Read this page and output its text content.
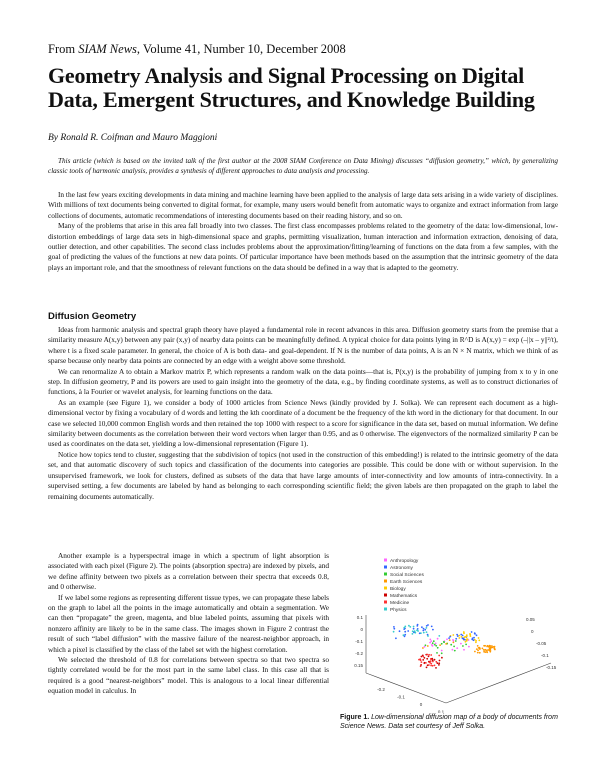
From SIAM News, Volume 41, Number 10, December 2008
Geometry Analysis and Signal Processing on Digital Data, Emergent Structures, and Knowledge Building
By Ronald R. Coifman and Mauro Maggioni

This article (which is based on the invited talk of the first author at the 2008 SIAM Conference on Data Mining) discusses “diffusion geometry,” which, by generalizing classic tools of harmonic analysis, provides a synthesis of different approaches to data analysis and processing.

In the last few years exciting developments in data mining and machine learning have been applied to the analysis of large data sets arising in a wide variety of disciplines. With millions of text documents being converted to digital format, for example, many users would benefit from automatic ways to organize and extract information from large collections of documents, automatic recommendations of interesting documents based on their reading history, and so on.

Many of the problems that arise in this area fall broadly into two classes. The first class encompasses problems related to the geometry of the data: low-dimensional, low-distortion embeddings of large data sets in high-dimensional space and graphs, permitting visualization, human interaction and information extraction, denoising of data, outlier detection, and other capabilities. The second class includes problems about the approximation/fitting/learning of functions on the data from a few samples, with the goal of predicting the values of the functions at new data points. Of particular importance have been methods based on the assumption that the intrinsic geometry of the data plays an important role, and that the smoothness of relevant functions on the data should be defined in a way that is adapted to the geometry.

Diffusion Geometry

Ideas from harmonic analysis and spectral graph theory have played a fundamental role in recent advances in this area. Diffusion geometry starts from the premise that a similarity measure A(x,y) between any pair (x,y) of nearby data points can be meaningfully defined. A typical choice for data points lying in R^D is A(x,y) = exp (–||x – y||²/t), where t is a fixed scale parameter. In general, the choice of A is both data- and goal-dependent. If N is the number of data points, A is an N × N matrix, which we think of as sparse because only nearby data points are connected by an edge with a weight above some threshold.

We can renormalize A to obtain a Markov matrix P, which represents a random walk on the data points—that is, P(x,y) is the probability of jumping from x to y in one step. In diffusion geometry, P and its powers are used to gain insight into the geometry of the data, e.g., by finding coordinate systems, as well as to construct dictionaries of functions, à la Fourier or wavelet analysis, for learning functions on the data.

As an example (see Figure 1), we consider a body of 1000 articles from Science News (kindly provided by J. Solka). We can represent each document as a high-dimensional vector by fixing a vocabulary of d words and letting the kth coordinate of a document be the frequency of the kth word in the dictionary for that document. In our case we selected 10,000 common English words and then retained the top 1000 with respect to a score for significance in the data set, based on mutual information. We define similarity between documents as the correlation between their word vectors when larger than 0.95, and as 0 otherwise. The eigenvectors of the normalized similarity P can be used as coordinates on the data set, yielding a low-dimensional representation (Figure 1).

Notice how topics tend to cluster, suggesting that the subdivision of topics (not used in the construction of this embedding!) is related to the intrinsic geometry of the data set, and that automatic discovery of such topics and classification of the documents into categories are possible. This could be done with or without supervision. In the unsupervised framework, we look for clusters, defined as subsets of the data that have large amounts of inter-connectivity and low amounts of intra-connectivity. In a supervised setting, a few documents are labeled by hand as belonging to each corresponding scientific field; the given labels are then propagated on the graph to label the remaining documents automatically.

Another example is a hyperspectral image in which a spectrum of light absorption is associated with each pixel (Figure 2). The points (absorption spectra) are indexed by pixels, and we define affinity between two pixels as a correlation between their spectra that exceeds 0.8, and 0 otherwise.

If we label some regions as representing different tissue types, we can propagate these labels on the graph to label all the points in the image automatically and obtain a segmentation. We can then “propagate” the green, magenta, and blue labeled points, assuming that pixels with nonzero affinity are likely to be in the same class. The images shown in Figure 2 contrast the result of such “label diffusion” with the massive failure of the nearest-neighbor approach, in which a pixel is classified by the class of the label set with the highest correlation.

We selected the threshold of 0.8 for correlations between spectra so that two spectra so tightly correlated would be for the most part in the same label class. In this case all that is required is a good “nearest-neighbors” model. This is analogous to a local linear differential equation model in calculus. In

Anthropology
Astronomy
Social Sciences
Earth Sciences
Biology
Mathematics
Medicine
Physics
0.1
0
-0.1
-0.2
0.15
-0.2
-0.1
0
0.1
0.05
0
-0.05
-0.1
-0.15
Figure 1. Low-dimensional diffusion map of a body of documents from Science News. Data set courtesy of Jeff Solka.
